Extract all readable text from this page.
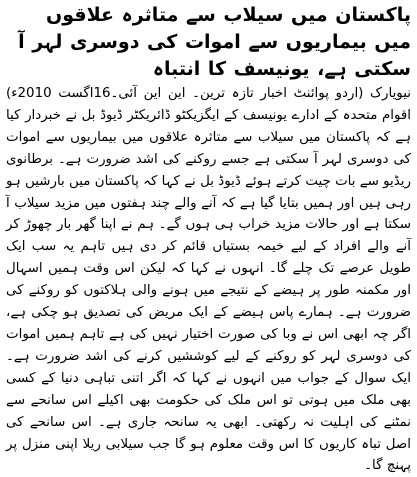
پاکستان میں سیلاب سے متاثرہ علاقوں میں بیماریوں سے اموات کی دوسری لہر آ سکتی ہے، یونیسف کا انتباہ

نیویارک (اردو پوائنٹ اخبار تازہ ترین۔ این این آئی۔16اگست 2010ء) اقوام متحدہ کے ادارے یونیسف کے ایگزیکٹو ڈائریکٹر ڈیوڈ بل نے خبردار کیا ہے کہ پاکستان میں سیلاب سے متاثرہ علاقوں میں بیماریوں سے اموات کی دوسری لہر آ سکتی ہے جسے روکنے کی اشد ضرورت ہے۔ برطانوی ریڈیو سے بات چیت کرتے ہوئے ڈیوڈ بل نے کہا کہ پاکستان میں بارشیں ہو رہی ہیں اور ہمیں بتایا گیا ہے کہ آنے والے چند ہفتوں میں مزید سیلاب آ سکتا ہے اور حالات مزید خراب ہی ہوں گے۔ ہم نے اپنا گھر بار چھوڑ کر آنے والے افراد کے لیے خیمہ بستیاں قائم کر دی ہیں تاہم یہ سب ایک طویل عرصے تک چلے گا۔ انہوں نے کہا کہ لیکن اس وقت ہمیں اسہال اور مکمنہ طور پر ہیضے کے نتیجے میں ہونے والی ہلاکتوں کو روکنے کی ضرورت ہے۔ ہمارے پاس ہیضے کے ایک مریض کی تصدیق ہو چکی ہے، اگر چہ ابھی اس نے وبا کی صورت اختیار نہیں کی ہے تاہم ہمیں اموات کی دوسری لہر کو روکنے کے لیے کوششیں کرنے کی اشد ضرورت ہے۔ ایک سوال کے جواب میں انہوں نے کہا کہ اگر اتنی تباہی دنیا کے کسی بھی ملک میں ہوتی تو اس ملک کی حکومت بھی اکیلے اس سانحے سے نمٹنے کی اہلیت نہ رکھتی۔ ابھی یہ سانحہ جاری ہے۔ اس سانحے کی اصل تباہ کاریوں کا اس وقت معلوم ہو گا جب سیلابی ریلا اپنی منزل پر پہنچ گا۔
